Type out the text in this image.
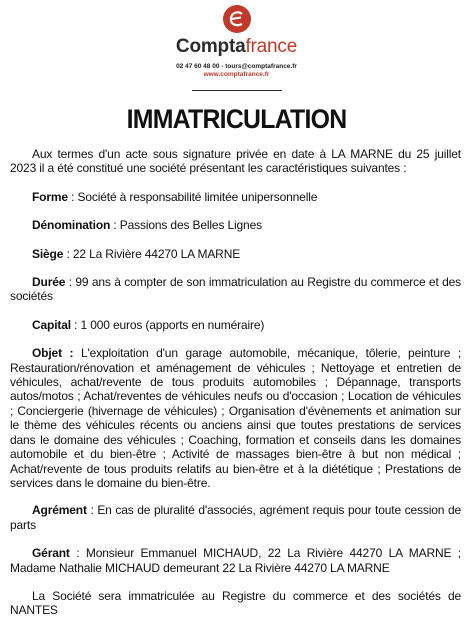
Comptafrance
02 47 60 48 00 - tours@comptafrance.fr
www.comptafrance.fr
IMMATRICULATION

Aux termes d'un acte sous signature privée en date à LA MARNE du 25 juillet 2023 il a été constitué une société présentant les caractéristiques suivantes :

Forme : Société à responsabilité limitée unipersonnelle

Dénomination : Passions des Belles Lignes

Siège : 22 La Rivière 44270 LA MARNE

Durée : 99 ans à compter de son immatriculation au Registre du commerce et des sociétés

Capital : 1 000 euros (apports en numéraire)

Objet : L'exploitation d'un garage automobile, mécanique, tôlerie, peinture ; Restauration/rénovation et aménagement de véhicules ; Nettoyage et entretien de véhicules, achat/revente de tous produits automobiles ; Dépannage, transports autos/motos ; Achat/reventes de véhicules neufs ou d'occasion ; Location de véhicules ; Conciergerie (hivernage de véhicules) ; Organisation d'évènements et animation sur le thème des véhicules récents ou anciens ainsi que toutes prestations de services dans le domaine des véhicules ; Coaching, formation et conseils dans les domaines automobile et du bien-être ; Activité de massages bien-être à but non médical ; Achat/revente de tous produits relatifs au bien-être et à la diététique ; Prestations de services dans le domaine du bien-être.

Agrément : En cas de pluralité d'associés, agrément requis pour toute cession de parts

Gérant : Monsieur Emmanuel MICHAUD, 22 La Rivière 44270 LA MARNE ; Madame Nathalie MICHAUD demeurant 22 La Rivière 44270 LA MARNE

La Société sera immatriculée au Registre du commerce et des sociétés de NANTES
